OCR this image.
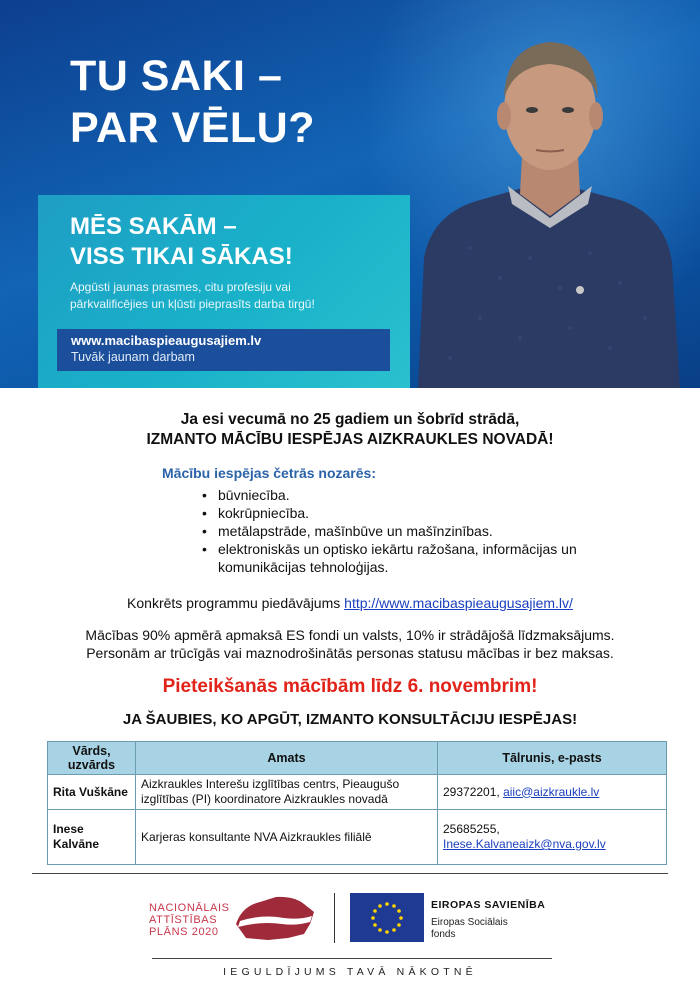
TU SAKI –
PAR VĒLU?
MĒS SAKĀM –
VISS TIKAI SĀKAS!
Apgūsti jaunas prasmes, citu profesiju vai pārkvalificējies un kļūsti pieprasīts darba tirgū!
www.macibaspieaugusajiem.lv
Tuvāk jaunam darbam
Ja esi vecumā no 25 gadiem un šobrīd strādā,
IZMANTO MĀCĪBU IESPĒJAS AIZKRAUKLES NOVADĀ!
Mācību iespējas četrās nozarēs:
• būvniecība.
• kokrūpniecība.
• metālapstrāde, mašīnbūve un mašīnzinības.
• elektroniskās un optisko iekārtu ražošana, informācijas un komunikācijas tehnoloģijas.
Konkrēts programmu piedāvājums http://www.macibaspieaugusajiem.lv/
Mācības 90% apmērā apmaksā ES fondi un valsts, 10% ir strādājošā līdzmaksājums.
Personām ar trūcīgās vai maznodrošinātās personas statusu mācības ir bez maksas.
Pieteikšanās mācībām līdz 6. novembrim!
JA ŠAUBIES, KO APGŪT, IZMANTO KONSULTĀCIJU IESPĒJAS!
Vārds, uzvārds	Amats	Tālrunis, e-pasts
Rita Vuškāne	Aizkraukles Interešu izglītības centrs, Pieaugušo izglītības (PI) koordinatore Aizkraukles novadā	29372201, aiic@aizkraukle.lv
Inese Kalvāne	Karjeras konsultante NVA Aizkraukles filiālē	25685255,
Inese.Kalvaneaizk@nva.gov.lv
NACIONĀLAIS
ATTĪSTĪBAS
PLĀNS 2020
EIROPAS SAVIENĪBA
Eiropas Sociālais
fonds
IEGULDĪJUMS TAVĀ NĀKOTNĒ
